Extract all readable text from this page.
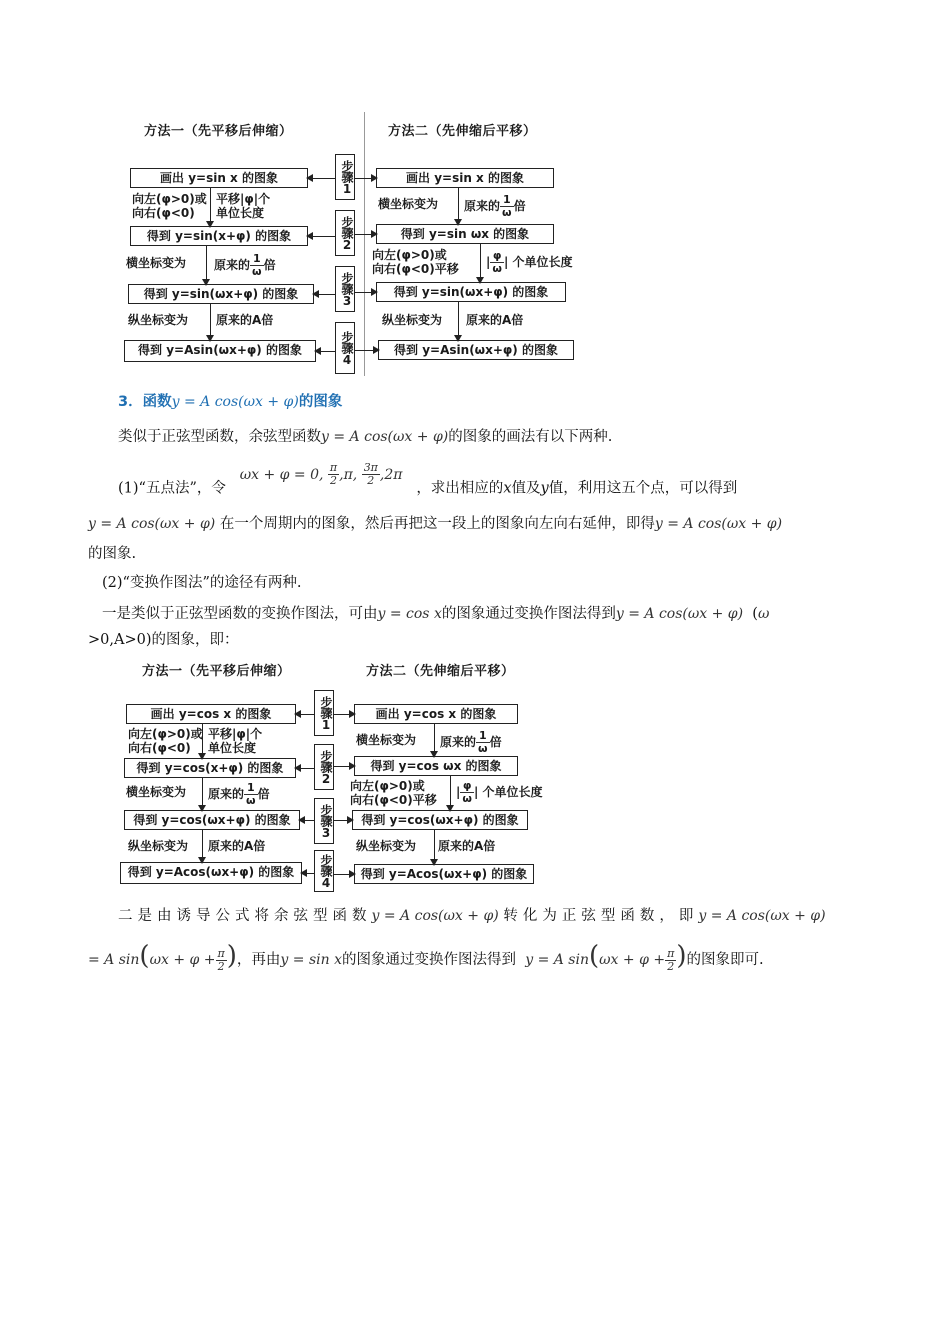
方法一（先平移后伸缩）	方法二（先伸缩后平移）
步骤1
步骤2
步骤3
步骤4
画出 y=sin x 的图象
得到 y=sin(x+φ) 的图象
得到 y=sin(ωx+φ) 的图象
得到 y=Asin(ωx+φ) 的图象
画出 y=sin x 的图象
得到 y=sin ωx 的图象
得到 y=sin(ωx+φ) 的图象
得到 y=Asin(ωx+φ) 的图象
向左(φ>0)或
向右(φ<0)
平移|φ|个
单位长度
横坐标变为 原来的 $\frac{1}{\omega}$ 倍
纵坐标变为 原来的A倍
横坐标变为 原来的 $\frac{1}{\omega}$ 倍
向左(φ>0)或
向右(φ<0)平移 | $\frac{\varphi}{\omega}$ | 个单位长度
纵坐标变为 原来的A倍
3．函数y = A cos(ωx + φ)的图象
类似于正弦型函数，余弦型函数y = A cos(ωx + φ)的图象的画法有以下两种.
(1)“五点法”，令   ωx + φ = 0, $\frac{\pi}{2} ,\pi$, $\frac{3\pi}{2} ,2\pi$   ，求出相应的x值及y值，利用这五个点，可以得到
y = A cos(ωx + φ) 在一个周期内的图象，然后再把这一段上的图象向左向右延伸，即得y = A cos(ωx + φ)
的图象.
(2)“变换作图法”的途径有两种.
一是类似于正弦型函数的变换作图法，可由y = cos x的图象通过变换作图法得到y = A cos(ωx + φ) (ω
>0,A>0)的图象，即：
方法一（先平移后伸缩）	方法二（先伸缩后平移）
步骤1
步骤2
步骤3
步骤4
画出 y=cos x 的图象
得到 y=cos(x+φ) 的图象
得到 y=cos(ωx+φ) 的图象
得到 y=Acos(ωx+φ) 的图象
画出 y=cos x 的图象
得到 y=cos ωx 的图象
得到 y=cos(ωx+φ) 的图象
得到 y=Acos(ωx+φ) 的图象
向左(φ>0)或
向右(φ<0)
平移|φ|个
单位长度
横坐标变为 原来的 $\frac{1}{\omega}$ 倍
纵坐标变为 原来的A倍
横坐标变为 原来的 $\frac{1}{\omega}$ 倍
向左(φ>0)或
向右(φ<0)平移
| $\frac{\varphi}{\omega}$ | 个单位长度
纵坐标变为 原来的A倍
二是由诱导公式将余弦型函数y = A cos(ωx + φ) 转化为正弦型函数，即y = A cos(ωx + φ)
= A $\sin(\omega x + \varphi + \frac{\pi}{2}$ )，再由y = sin x的图象通过变换作图法得到 y = A $\sin(\omega x + \varphi + \frac{\pi}{2}$ )的图象即可.
